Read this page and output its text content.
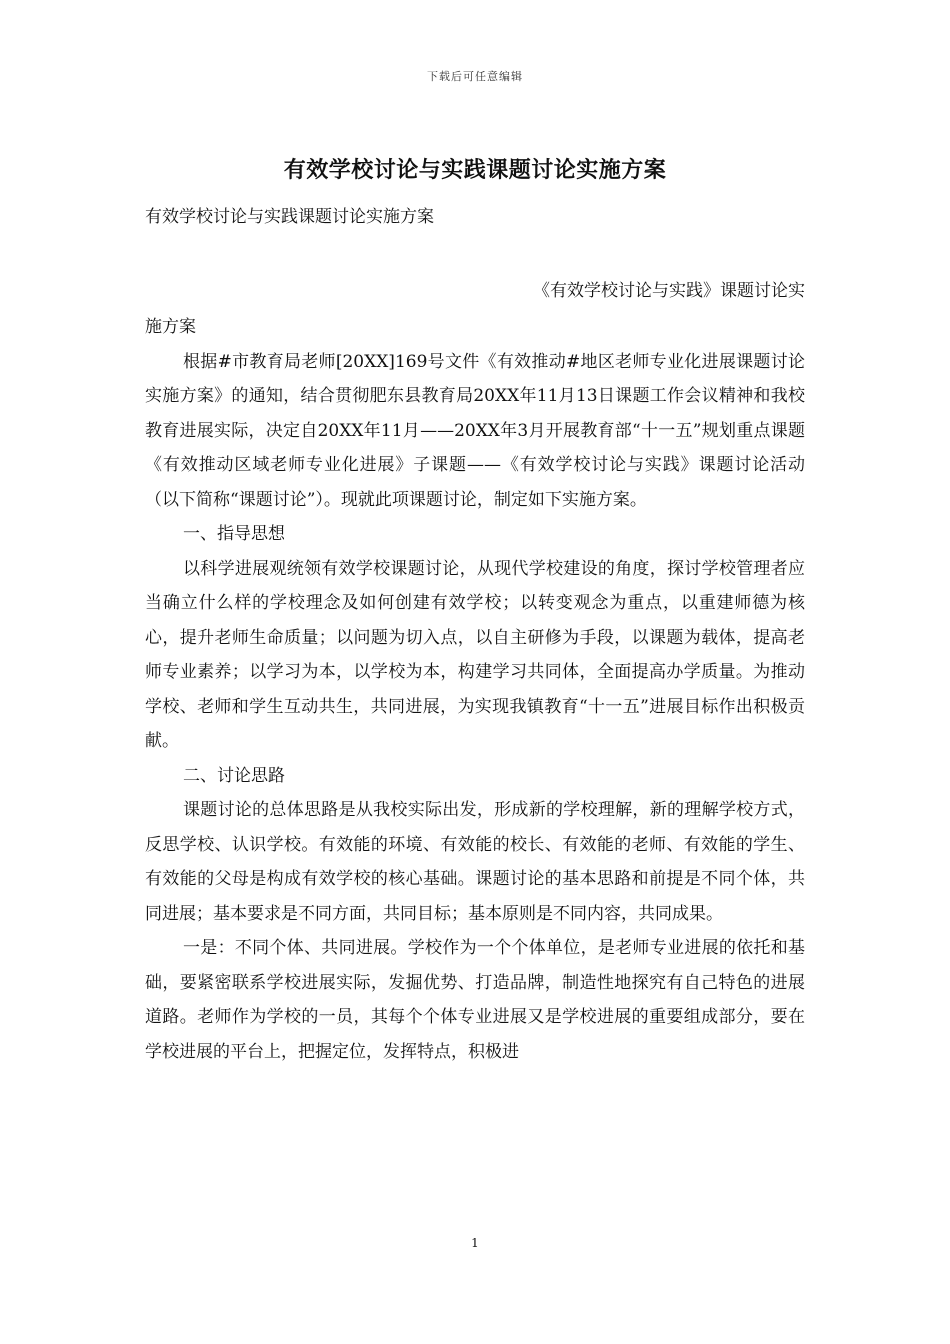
下载后可任意编辑
有效学校讨论与实践课题讨论实施方案

有效学校讨论与实践课题讨论实施方案

《有效学校讨论与实践》课题讨论实

施方案

根据#市教育局老师[20XX]169号文件《有效推动#地区老师专业化进展课题讨论实施方案》的通知，结合贯彻肥东县教育局20XX年11月13日课题工作会议精神和我校教育进展实际，决定自20XX年11月——20XX年3月开展教育部“十一五”规划重点课题《有效推动区域老师专业化进展》子课题——《有效学校讨论与实践》课题讨论活动（以下简称“课题讨论”）。现就此项课题讨论，制定如下实施方案。

一、指导思想

以科学进展观统领有效学校课题讨论，从现代学校建设的角度，探讨学校管理者应当确立什么样的学校理念及如何创建有效学校；以转变观念为重点，以重建师德为核心，提升老师生命质量；以问题为切入点，以自主研修为手段，以课题为载体，提高老师专业素养；以学习为本，以学校为本，构建学习共同体，全面提高办学质量。为推动学校、老师和学生互动共生，共同进展，为实现我镇教育“十一五”进展目标作出积极贡献。

二、讨论思路

课题讨论的总体思路是从我校实际出发，形成新的学校理解，新的理解学校方式，反思学校、认识学校。有效能的环境、有效能的校长、有效能的老师、有效能的学生、有效能的父母是构成有效学校的核心基础。课题讨论的基本思路和前提是不同个体，共同进展；基本要求是不同方面，共同目标；基本原则是不同内容，共同成果。

一是：不同个体、共同进展。学校作为一个个体单位，是老师专业进展的依托和基础，要紧密联系学校进展实际，发掘优势、打造品牌，制造性地探究有自己特色的进展道路。老师作为学校的一员，其每个个体专业进展又是学校进展的重要组成部分，要在学校进展的平台上，把握定位，发挥特点，积极进

1
